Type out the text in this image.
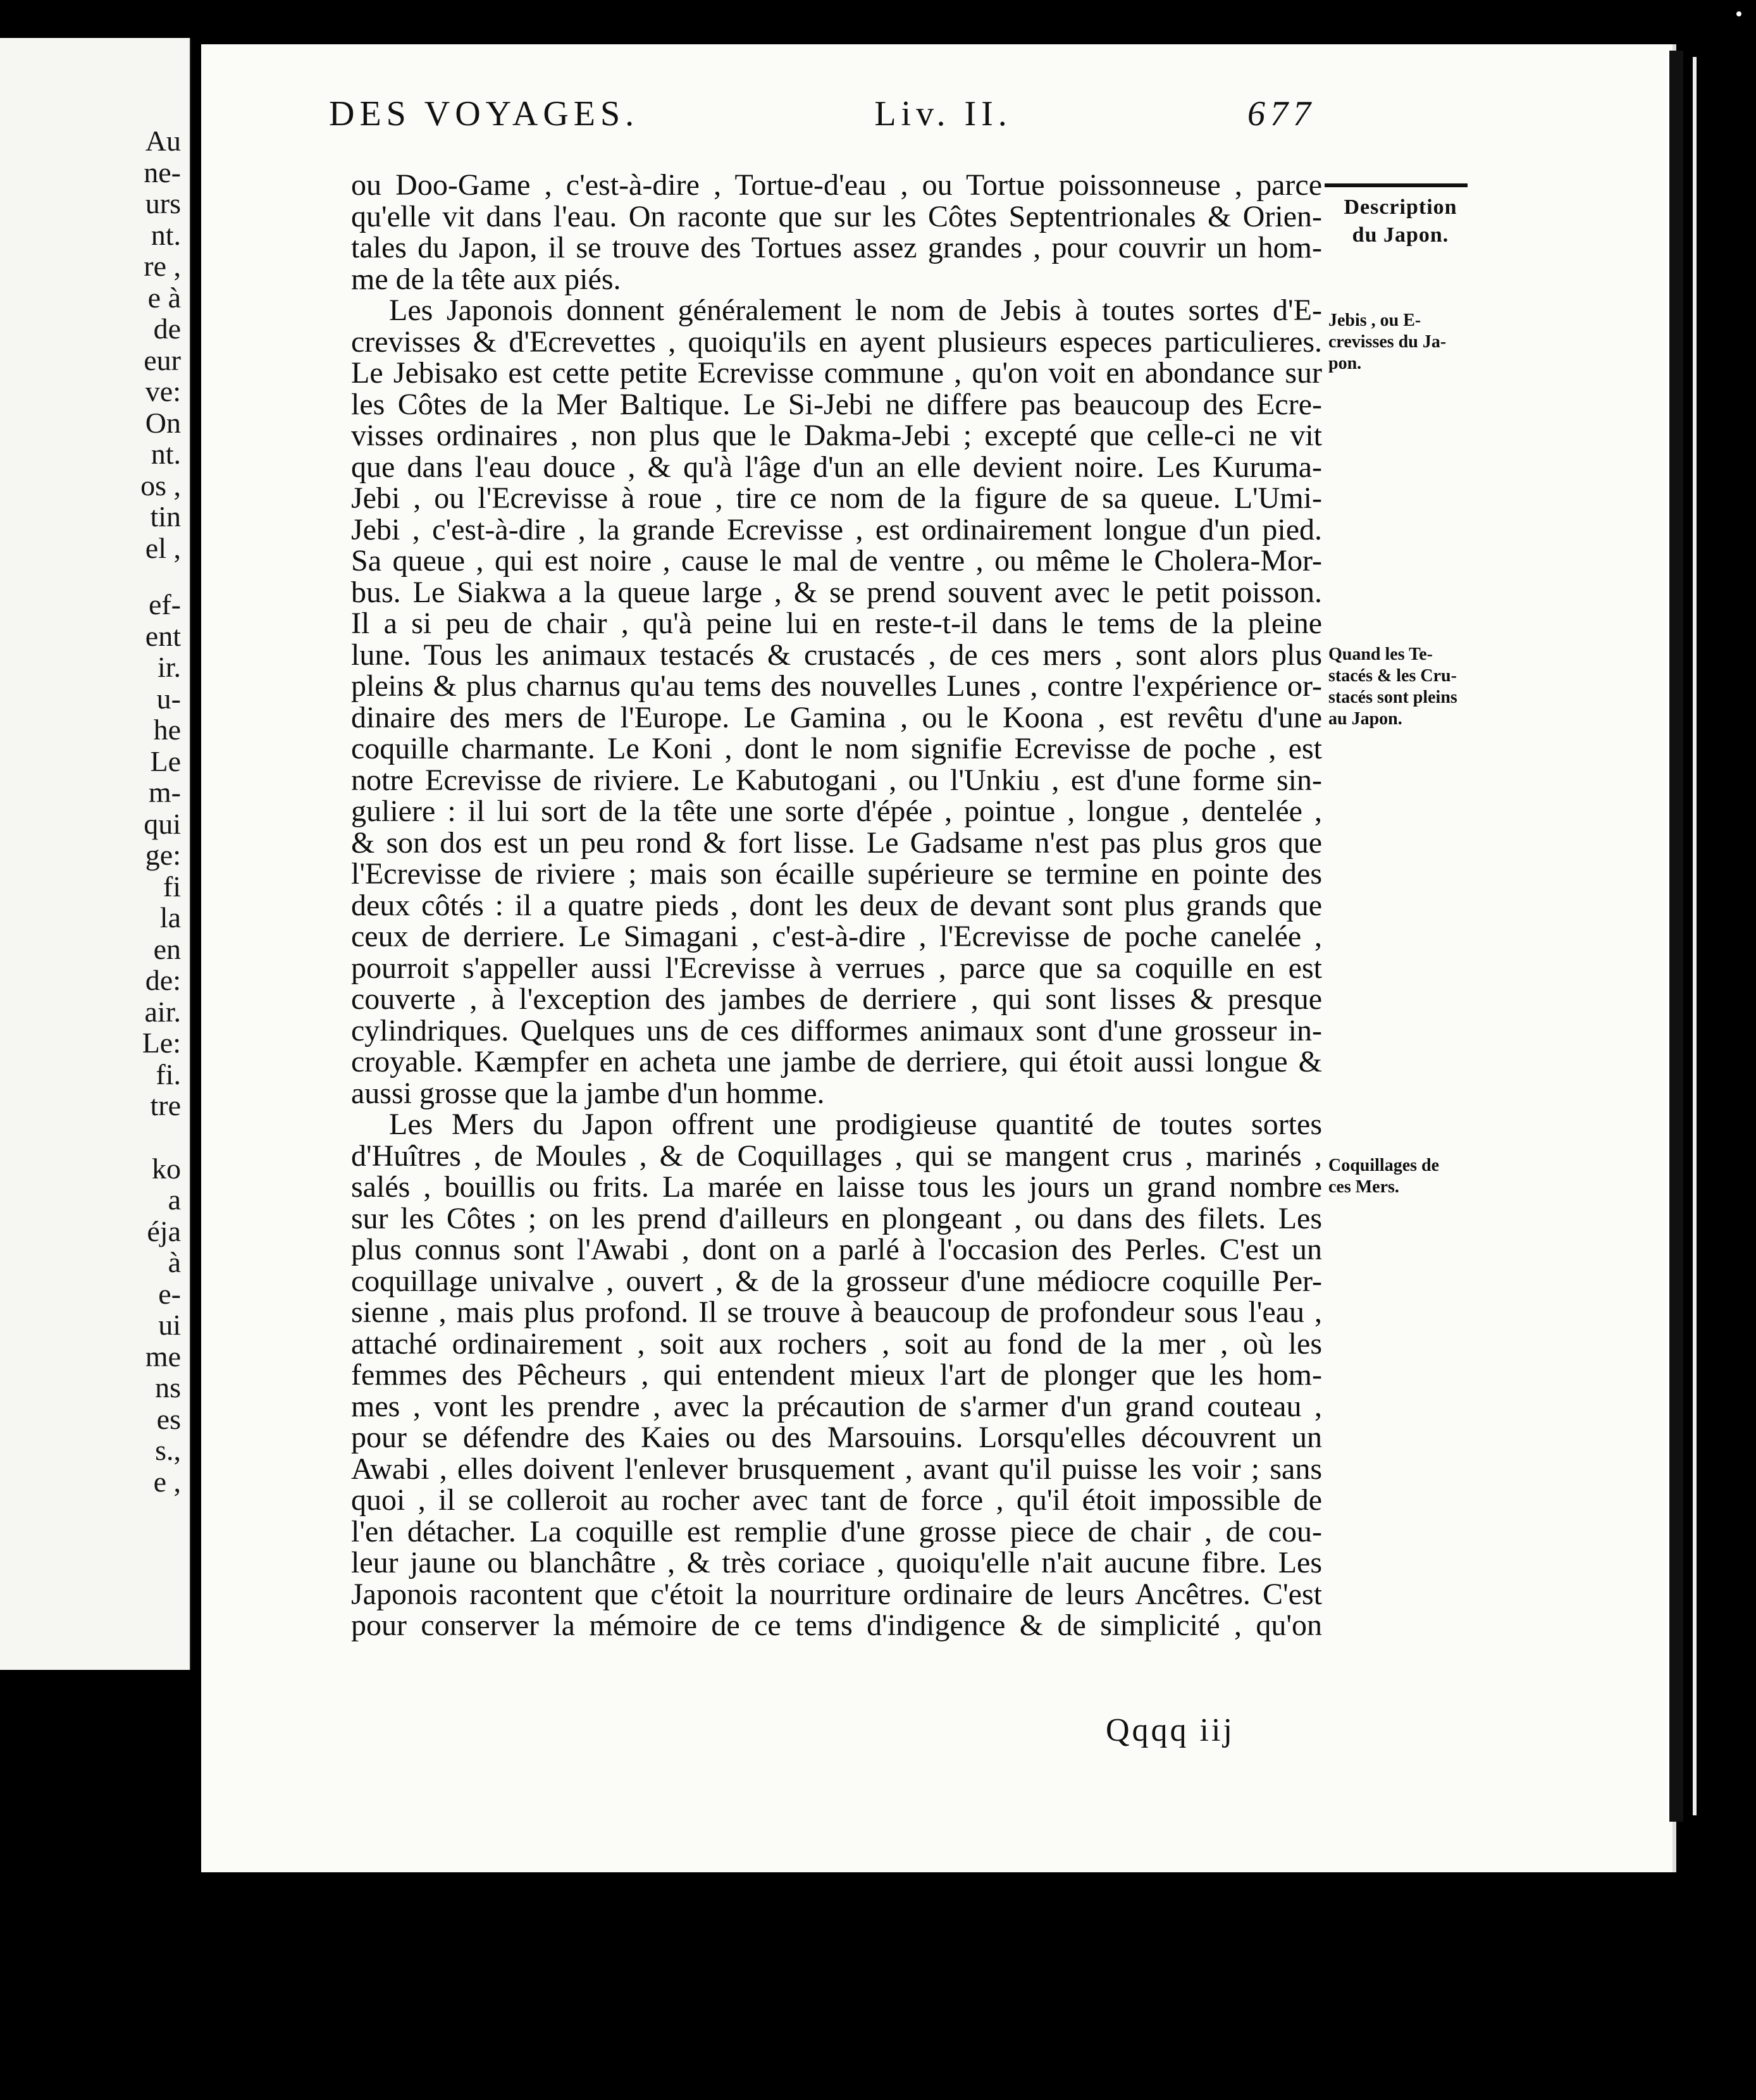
Au
ne-
urs
nt.
re ,
e à
de
eur
ve:
On
nt.
os ,
tin
el ,
ef-
ent
ir.
u-
he
Le
m-
qui
ge:
fi
la
en
de:
air.
Le:
fi.
tre
ko
a
éja
à
e-
ui
me
ns
es
s.,
e ,
DES VOYAGES.	Liv. II.	677
Description
du Japon.
Jebis , ou E-
crevisses du Ja-
pon.
Quand les Te-
stacés & les Cru-
stacés sont pleins
au Japon.
Coquillages de
ces Mers.
ou Doo-Game , c'est-à-dire , Tortue-d'eau , ou Tortue poissonneuse , parce
qu'elle vit dans l'eau. On raconte que sur les Côtes Septentrionales & Orien-
tales du Japon, il se trouve des Tortues assez grandes , pour couvrir un hom-
me de la tête aux piés.
Les Japonois donnent généralement le nom de Jebis à toutes sortes d'E-
crevisses & d'Ecrevettes , quoiqu'ils en ayent plusieurs especes particulieres.
Le Jebisako est cette petite Ecrevisse commune , qu'on voit en abondance sur
les Côtes de la Mer Baltique. Le Si-Jebi ne differe pas beaucoup des Ecre-
visses ordinaires , non plus que le Dakma-Jebi ; excepté que celle-ci ne vit
que dans l'eau douce , & qu'à l'âge d'un an elle devient noire. Les Kuruma-
Jebi , ou l'Ecrevisse à roue , tire ce nom de la figure de sa queue. L'Umi-
Jebi , c'est-à-dire , la grande Ecrevisse , est ordinairement longue d'un pied.
Sa queue , qui est noire , cause le mal de ventre , ou même le Cholera-Mor-
bus. Le Siakwa a la queue large , & se prend souvent avec le petit poisson.
Il a si peu de chair , qu'à peine lui en reste-t-il dans le tems de la pleine
lune. Tous les animaux testacés & crustacés , de ces mers , sont alors plus
pleins & plus charnus qu'au tems des nouvelles Lunes , contre l'expérience or-
dinaire des mers de l'Europe. Le Gamina , ou le Koona , est revêtu d'une
coquille charmante. Le Koni , dont le nom signifie Ecrevisse de poche , est
notre Ecrevisse de riviere. Le Kabutogani , ou l'Unkiu , est d'une forme sin-
guliere : il lui sort de la tête une sorte d'épée , pointue , longue , dentelée ,
& son dos est un peu rond & fort lisse. Le Gadsame n'est pas plus gros que
l'Ecrevisse de riviere ; mais son écaille supérieure se termine en pointe des
deux côtés : il a quatre pieds , dont les deux de devant sont plus grands que
ceux de derriere. Le Simagani , c'est-à-dire , l'Ecrevisse de poche canelée ,
pourroit s'appeller aussi l'Ecrevisse à verrues , parce que sa coquille en est
couverte , à l'exception des jambes de derriere , qui sont lisses & presque
cylindriques. Quelques uns de ces difformes animaux sont d'une grosseur in-
croyable. Kæmpfer en acheta une jambe de derriere, qui étoit aussi longue &
aussi grosse que la jambe d'un homme.
Les Mers du Japon offrent une prodigieuse quantité de toutes sortes
d'Huîtres , de Moules , & de Coquillages , qui se mangent crus , marinés ,
salés , bouillis ou frits. La marée en laisse tous les jours un grand nombre
sur les Côtes ; on les prend d'ailleurs en plongeant , ou dans des filets. Les
plus connus sont l'Awabi , dont on a parlé à l'occasion des Perles. C'est un
coquillage univalve , ouvert , & de la grosseur d'une médiocre coquille Per-
sienne , mais plus profond. Il se trouve à beaucoup de profondeur sous l'eau ,
attaché ordinairement , soit aux rochers , soit au fond de la mer , où les
femmes des Pêcheurs , qui entendent mieux l'art de plonger que les hom-
mes , vont les prendre , avec la précaution de s'armer d'un grand couteau ,
pour se défendre des Kaies ou des Marsouins. Lorsqu'elles découvrent un
Awabi , elles doivent l'enlever brusquement , avant qu'il puisse les voir ; sans
quoi , il se colleroit au rocher avec tant de force , qu'il étoit impossible de
l'en détacher. La coquille est remplie d'une grosse piece de chair , de cou-
leur jaune ou blanchâtre , & très coriace , quoiqu'elle n'ait aucune fibre. Les
Japonois racontent que c'étoit la nourriture ordinaire de leurs Ancêtres. C'est
pour conserver la mémoire de ce tems d'indigence & de simplicité , qu'on
Qqqq iij
